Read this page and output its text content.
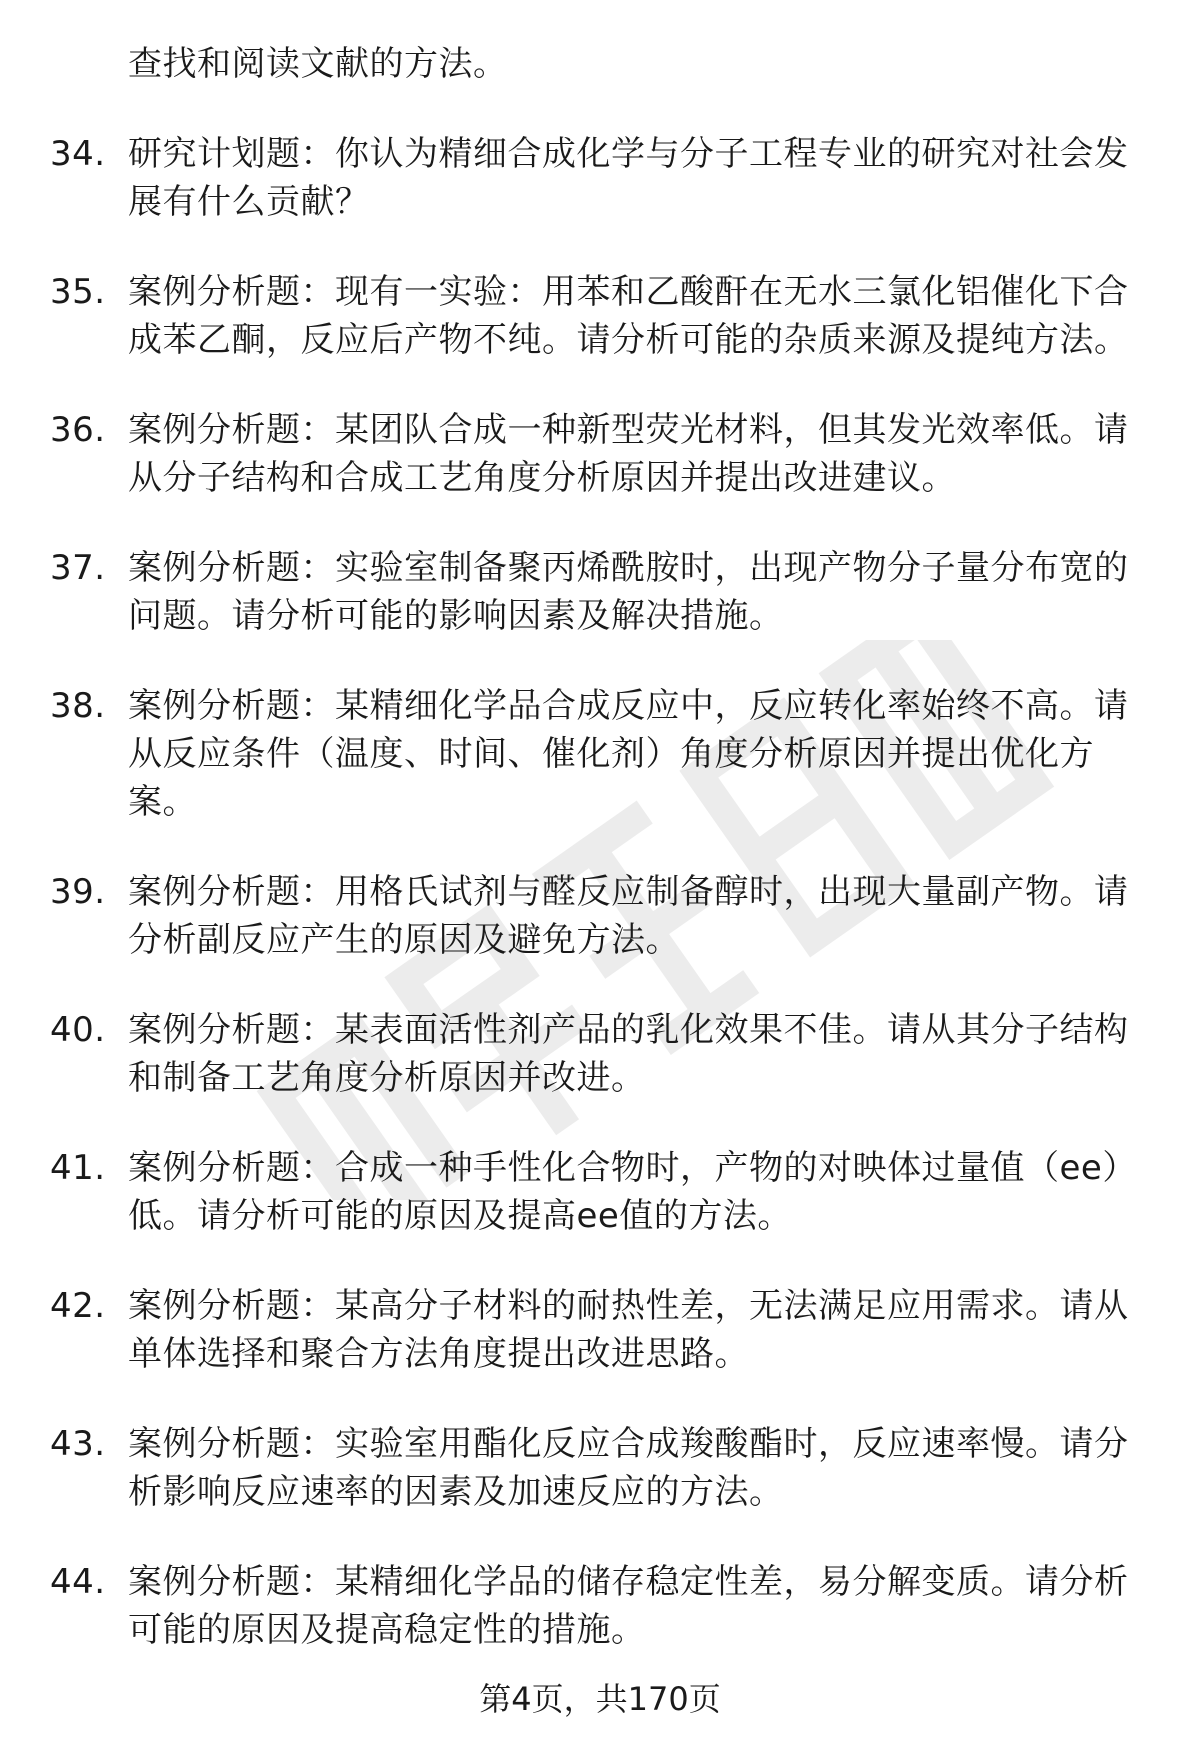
查找和阅读文献的方法。
34. 研究计划题：你认为精细合成化学与分子工程专业的研究对社会发展有什么贡献？
35. 案例分析题：现有一实验：用苯和乙酸酐在无水三氯化铝催化下合成苯乙酮，反应后产物不纯。请分析可能的杂质来源及提纯方法。
36. 案例分析题：某团队合成一种新型荧光材料，但其发光效率低。请从分子结构和合成工艺角度分析原因并提出改进建议。
37. 案例分析题：实验室制备聚丙烯酰胺时，出现产物分子量分布宽的问题。请分析可能的影响因素及解决措施。
38. 案例分析题：某精细化学品合成反应中，反应转化率始终不高。请从反应条件（温度、时间、催化剂）角度分析原因并提出优化方案。
39. 案例分析题：用格氏试剂与醛反应制备醇时，出现大量副产物。请分析副反应产生的原因及避免方法。
40. 案例分析题：某表面活性剂产品的乳化效果不佳。请从其分子结构和制备工艺角度分析原因并改进。
41. 案例分析题：合成一种手性化合物时，产物的对映体过量值（ee）低。请分析可能的原因及提高ee值的方法。
42. 案例分析题：某高分子材料的耐热性差，无法满足应用需求。请从单体选择和聚合方法角度提出改进思路。
43. 案例分析题：实验室用酯化反应合成羧酸酯时，反应速率慢。请分析影响反应速率的因素及加速反应的方法。
44. 案例分析题：某精细化学品的储存稳定性差，易分解变质。请分析可能的原因及提高稳定性的措施。
第4页，共170页
